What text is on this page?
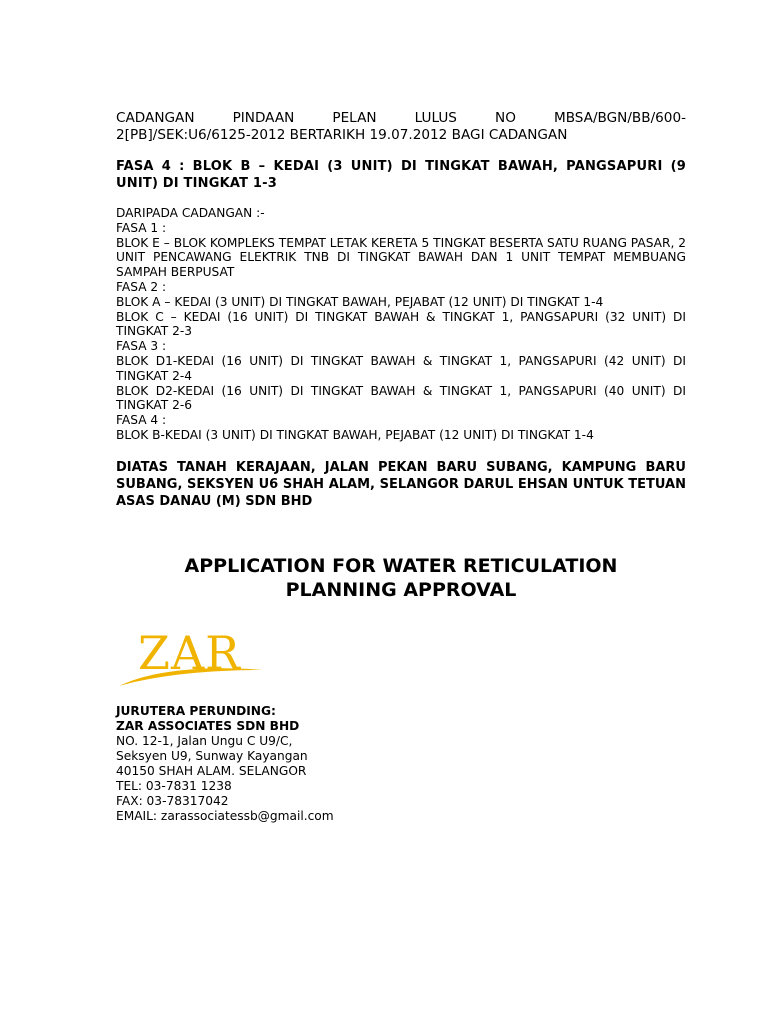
CADANGAN PINDAAN PELAN LULUS NO MBSA/BGN/BB/600-
2[PB]/SEK:U6/6125-2012 BERTARIKH 19.07.2012 BAGI CADANGAN
FASA 4 : BLOK B – KEDAI (3 UNIT) DI TINGKAT BAWAH, PANGSAPURI (9 UNIT) DI TINGKAT 1-3
DARIPADA CADANGAN :-
FASA 1 :
BLOK E – BLOK KOMPLEKS TEMPAT LETAK KERETA 5 TINGKAT BESERTA SATU RUANG PASAR, 2 UNIT PENCAWANG ELEKTRIK TNB DI TINGKAT BAWAH DAN 1 UNIT TEMPAT MEMBUANG SAMPAH BERPUSAT
FASA 2 :
BLOK A – KEDAI (3 UNIT) DI TINGKAT BAWAH, PEJABAT (12 UNIT) DI TINGKAT 1-4
BLOK C – KEDAI (16 UNIT) DI TINGKAT BAWAH & TINGKAT 1, PANGSAPURI (32 UNIT) DI TINGKAT 2-3
FASA 3 :
BLOK D1-KEDAI (16 UNIT) DI TINGKAT BAWAH & TINGKAT 1, PANGSAPURI (42 UNIT) DI TINGKAT 2-4
BLOK D2-KEDAI (16 UNIT) DI TINGKAT BAWAH & TINGKAT 1, PANGSAPURI (40 UNIT) DI TINGKAT 2-6
FASA 4 :
BLOK B-KEDAI (3 UNIT) DI TINGKAT BAWAH, PEJABAT (12 UNIT) DI TINGKAT 1-4
DIATAS TANAH KERAJAAN, JALAN PEKAN BARU SUBANG, KAMPUNG BARU SUBANG, SEKSYEN U6 SHAH ALAM, SELANGOR DARUL EHSAN UNTUK TETUAN ASAS DANAU (M) SDN BHD
APPLICATION FOR WATER RETICULATION
PLANNING APPROVAL
ZAR
JURUTERA PERUNDING:
ZAR ASSOCIATES SDN BHD
NO. 12-1, Jalan Ungu C U9/C,
Seksyen U9, Sunway Kayangan
40150 SHAH ALAM. SELANGOR
TEL: 03-7831 1238
FAX: 03-78317042
EMAIL: zarassociatessb@gmail.com
